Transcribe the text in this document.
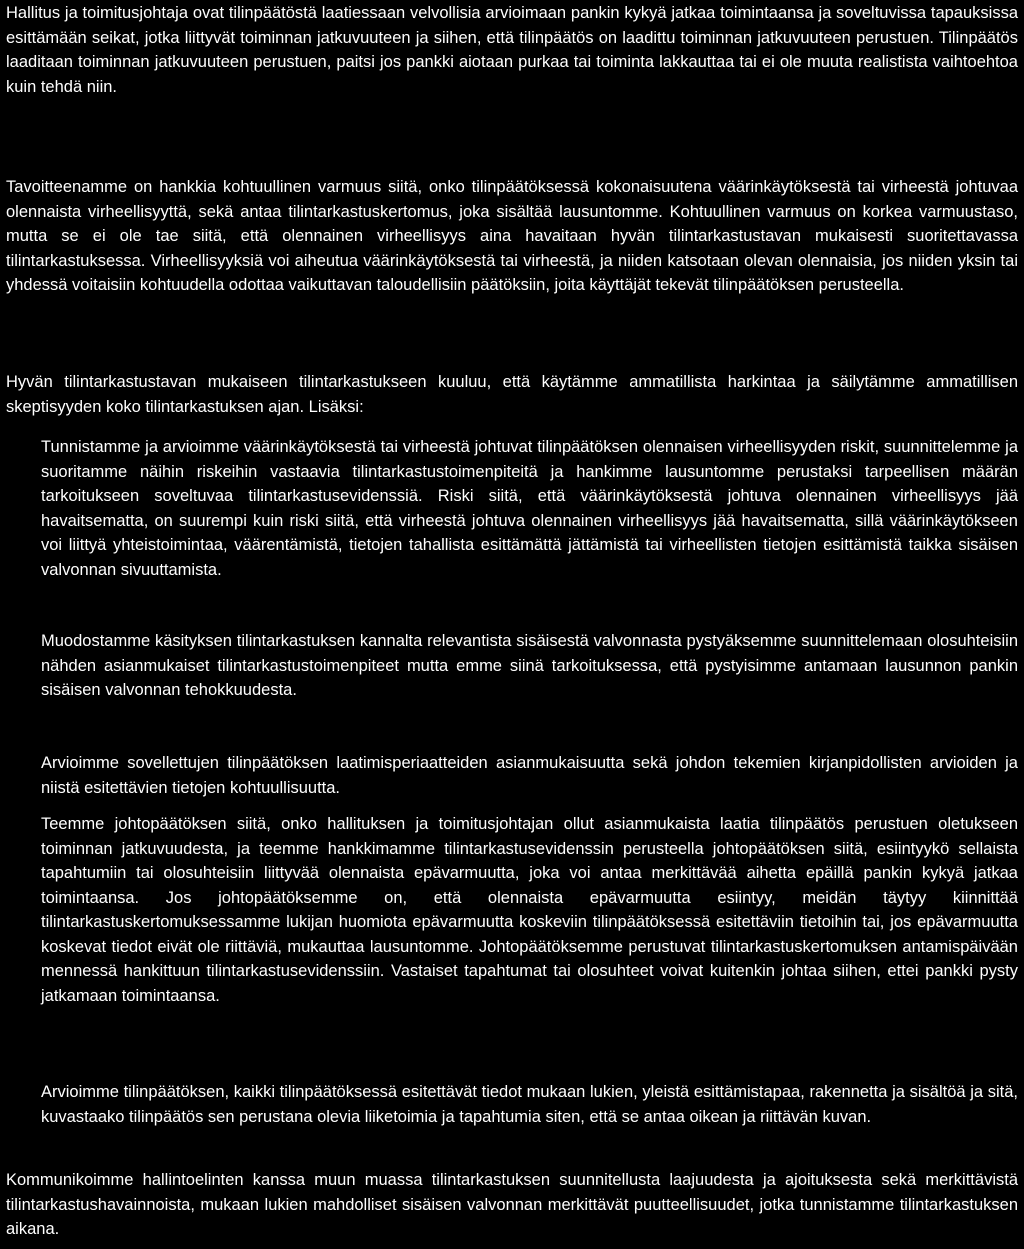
Hallitus ja toimitusjohtaja ovat tilinpäätöstä laatiessaan velvollisia arvioimaan pankin kykyä jatkaa toimintaansa ja soveltuvissa tapauksissa esittämään seikat, jotka liittyvät toiminnan jatkuvuuteen ja siihen, että tilinpäätös on laadittu toiminnan jatkuvuuteen perustuen. Tilinpäätös laaditaan toiminnan jatkuvuuteen perustuen, paitsi jos pankki aiotaan purkaa tai toiminta lakkauttaa tai ei ole muuta realistista vaihtoehtoa kuin tehdä niin.

Tavoitteenamme on hankkia kohtuullinen varmuus siitä, onko tilinpäätöksessä kokonaisuutena väärinkäytöksestä tai virheestä johtuvaa olennaista virheellisyyttä, sekä antaa tilintarkastuskertomus, joka sisältää lausuntomme. Kohtuullinen varmuus on korkea varmuustaso, mutta se ei ole tae siitä, että olennainen virheellisyys aina havaitaan hyvän tilintarkastustavan mukaisesti suoritettavassa tilintarkastuksessa. Virheellisyyksiä voi aiheutua väärinkäytöksestä tai virheestä, ja niiden katsotaan olevan olennaisia, jos niiden yksin tai yhdessä voitaisiin kohtuudella odottaa vaikuttavan taloudellisiin päätöksiin, joita käyttäjät tekevät tilinpäätöksen perusteella.

Hyvän tilintarkastustavan mukaiseen tilintarkastukseen kuuluu, että käytämme ammatillista harkintaa ja säilytämme ammatillisen skeptisyyden koko tilintarkastuksen ajan. Lisäksi:

Tunnistamme ja arvioimme väärinkäytöksestä tai virheestä johtuvat tilinpäätöksen olennaisen virheellisyyden riskit, suunnittelemme ja suoritamme näihin riskeihin vastaavia tilintarkastustoimenpiteitä ja hankimme lausuntomme perustaksi tarpeellisen määrän tarkoitukseen soveltuvaa tilintarkastusevidenssiä. Riski siitä, että väärinkäytöksestä johtuva olennainen virheellisyys jää havaitsematta, on suurempi kuin riski siitä, että virheestä johtuva olennainen virheellisyys jää havaitsematta, sillä väärinkäytökseen voi liittyä yhteistoimintaa, väärentämistä, tietojen tahallista esittämättä jättämistä tai virheellisten tietojen esittämistä taikka sisäisen valvonnan sivuuttamista.

Muodostamme käsityksen tilintarkastuksen kannalta relevantista sisäisestä valvonnasta pystyäksemme suunnittelemaan olosuhteisiin nähden asianmukaiset tilintarkastustoimenpiteet mutta emme siinä tarkoituksessa, että pystyisimme antamaan lausunnon pankin sisäisen valvonnan tehokkuudesta.

Arvioimme sovellettujen tilinpäätöksen laatimisperiaatteiden asianmukaisuutta sekä johdon tekemien kirjanpidollisten arvioiden ja niistä esitettävien tietojen kohtuullisuutta.

Teemme johtopäätöksen siitä, onko hallituksen ja toimitusjohtajan ollut asianmukaista laatia tilinpäätös perustuen oletukseen toiminnan jatkuvuudesta, ja teemme hankkimamme tilintarkastusevidenssin perusteella johtopäätöksen siitä, esiintyykö sellaista tapahtumiin tai olosuhteisiin liittyvää olennaista epävarmuutta, joka voi antaa merkittävää aihetta epäillä pankin kykyä jatkaa toimintaansa. Jos johtopäätöksemme on, että olennaista epävarmuutta esiintyy, meidän täytyy kiinnittää tilintarkastuskertomuksessamme lukijan huomiota epävarmuutta koskeviin tilinpäätöksessä esitettäviin tietoihin tai, jos epävarmuutta koskevat tiedot eivät ole riittäviä, mukauttaa lausuntomme. Johtopäätöksemme perustuvat tilintarkastuskertomuksen antamispäivään mennessä hankittuun tilintarkastusevidenssiin. Vastaiset tapahtumat tai olosuhteet voivat kuitenkin johtaa siihen, ettei pankki pysty jatkamaan toimintaansa.

Arvioimme tilinpäätöksen, kaikki tilinpäätöksessä esitettävät tiedot mukaan lukien, yleistä esittämistapaa, rakennetta ja sisältöä ja sitä, kuvastaako tilinpäätös sen perustana olevia liiketoimia ja tapahtumia siten, että se antaa oikean ja riittävän kuvan.

Kommunikoimme hallintoelinten kanssa muun muassa tilintarkastuksen suunnitellusta laajuudesta ja ajoituksesta sekä merkittävistä tilintarkastushavainnoista, mukaan lukien mahdolliset sisäisen valvonnan merkittävät puutteellisuudet, jotka tunnistamme tilintarkastuksen aikana.
